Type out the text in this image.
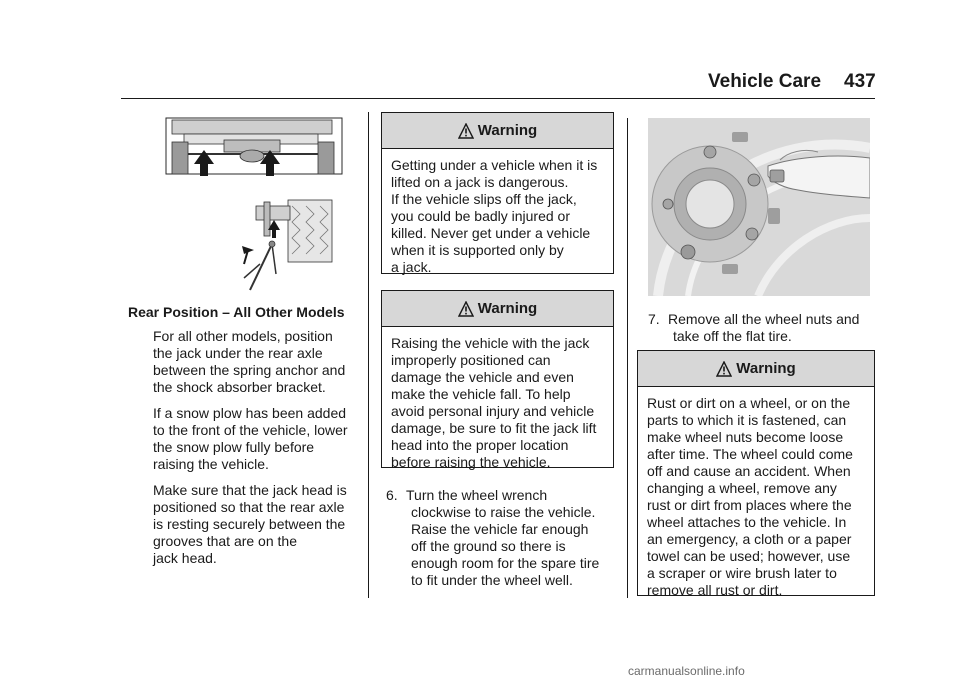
Vehicle Care 437
Rear Position – All Other Models

For all other models, position
the jack under the rear axle
between the spring anchor and
the shock absorber bracket.

If a snow plow has been added
to the front of the vehicle, lower
the snow plow fully before
raising the vehicle.

Make sure that the jack head is
positioned so that the rear axle
is resting securely between the
grooves that are on the
jack head.

Warning
Getting under a vehicle when it is
lifted on a jack is dangerous.
If the vehicle slips off the jack,
you could be badly injured or
killed. Never get under a vehicle
when it is supported only by
a jack.
Warning
Raising the vehicle with the jack
improperly positioned can
damage the vehicle and even
make the vehicle fall. To help
avoid personal injury and vehicle
damage, be sure to fit the jack lift
head into the proper location
before raising the vehicle.
6. Turn the wheel wrench
clockwise to raise the vehicle.
Raise the vehicle far enough
off the ground so there is
enough room for the spare tire
to fit under the wheel well.
7. Remove all the wheel nuts and
take off the flat tire.
Warning
Rust or dirt on a wheel, or on the
parts to which it is fastened, can
make wheel nuts become loose
after time. The wheel could come
off and cause an accident. When
changing a wheel, remove any
rust or dirt from places where the
wheel attaches to the vehicle. In
an emergency, a cloth or a paper
towel can be used; however, use
a scraper or wire brush later to
remove all rust or dirt.
carmanualsonline.info
